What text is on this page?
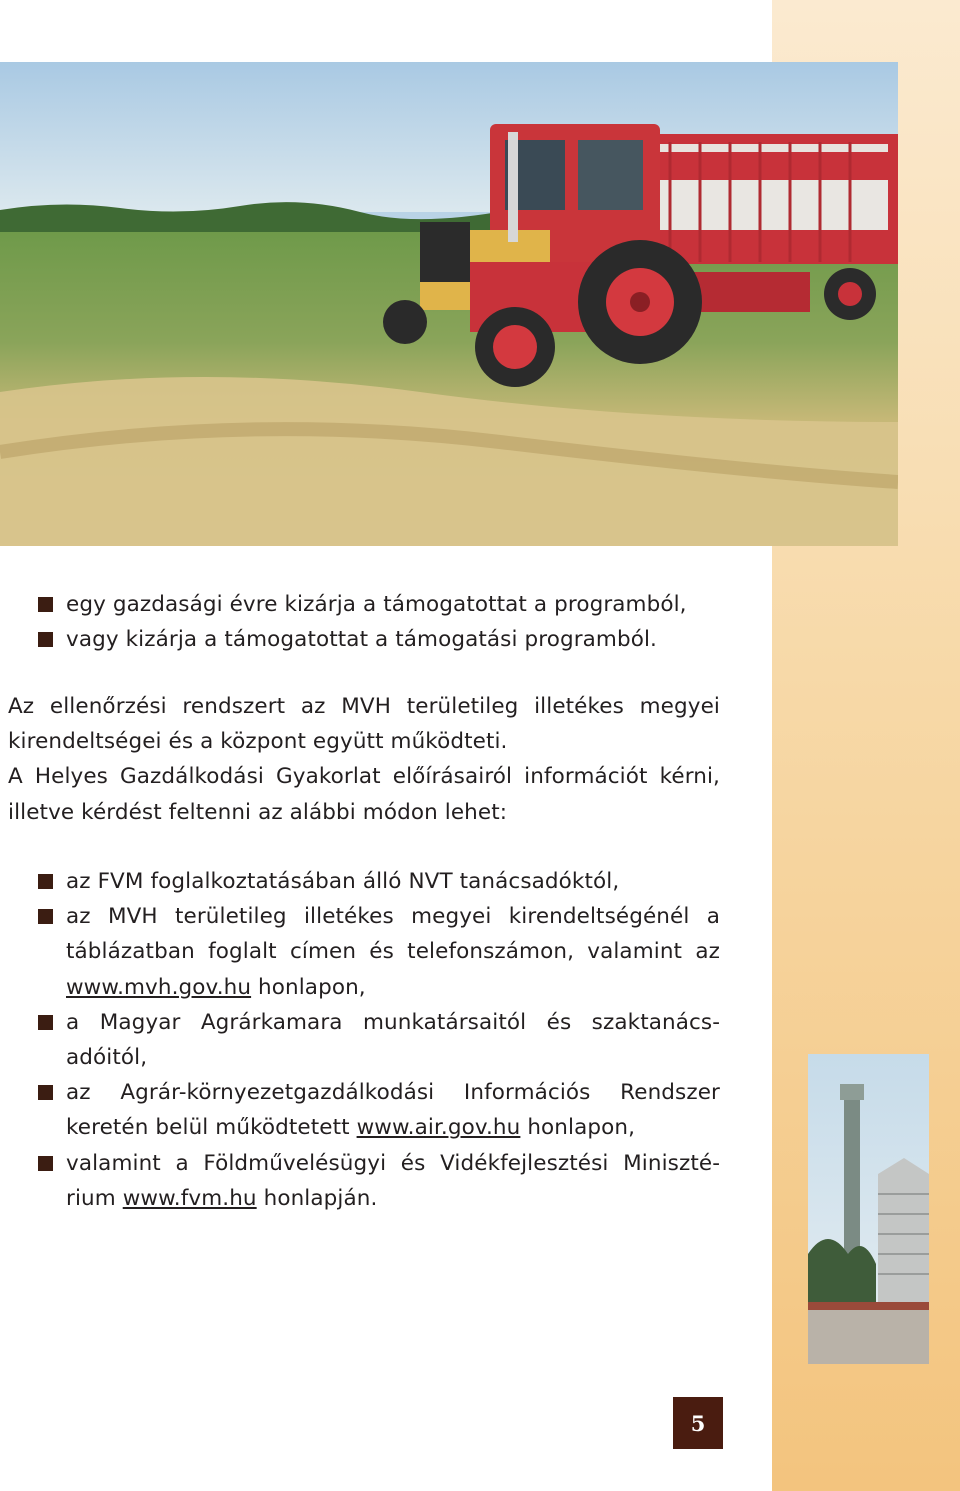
egy gazdasági évre kizárja a támogatottat a programból,
vagy kizárja a támogatottat a támogatási programból.

Az ellenőrzési rendszert az MVH területileg illetékes megyei kirendeltségei és a központ együtt működteti.

A Helyes Gazdálkodási Gyakorlat előírásairól információt kérni, illetve kérdést feltenni az alábbi módon lehet:

az FVM foglalkoztatásában álló NVT tanácsadóktól,
az MVH területileg illetékes megyei kirendeltségénél a táblázatban foglalt címen és telefonszámon, valamint az www.mvh.gov.hu honlapon,
a Magyar Agrárkamara munkatársaitól és szaktanácsadóitól,
az Agrár-környezetgazdálkodási Információs Rendszer keretén belül működtetett www.air.gov.hu honlapon,
valamint a Földművelésügyi és Vidékfejlesztési Minisztérium www.fvm.hu honlapján.
5
